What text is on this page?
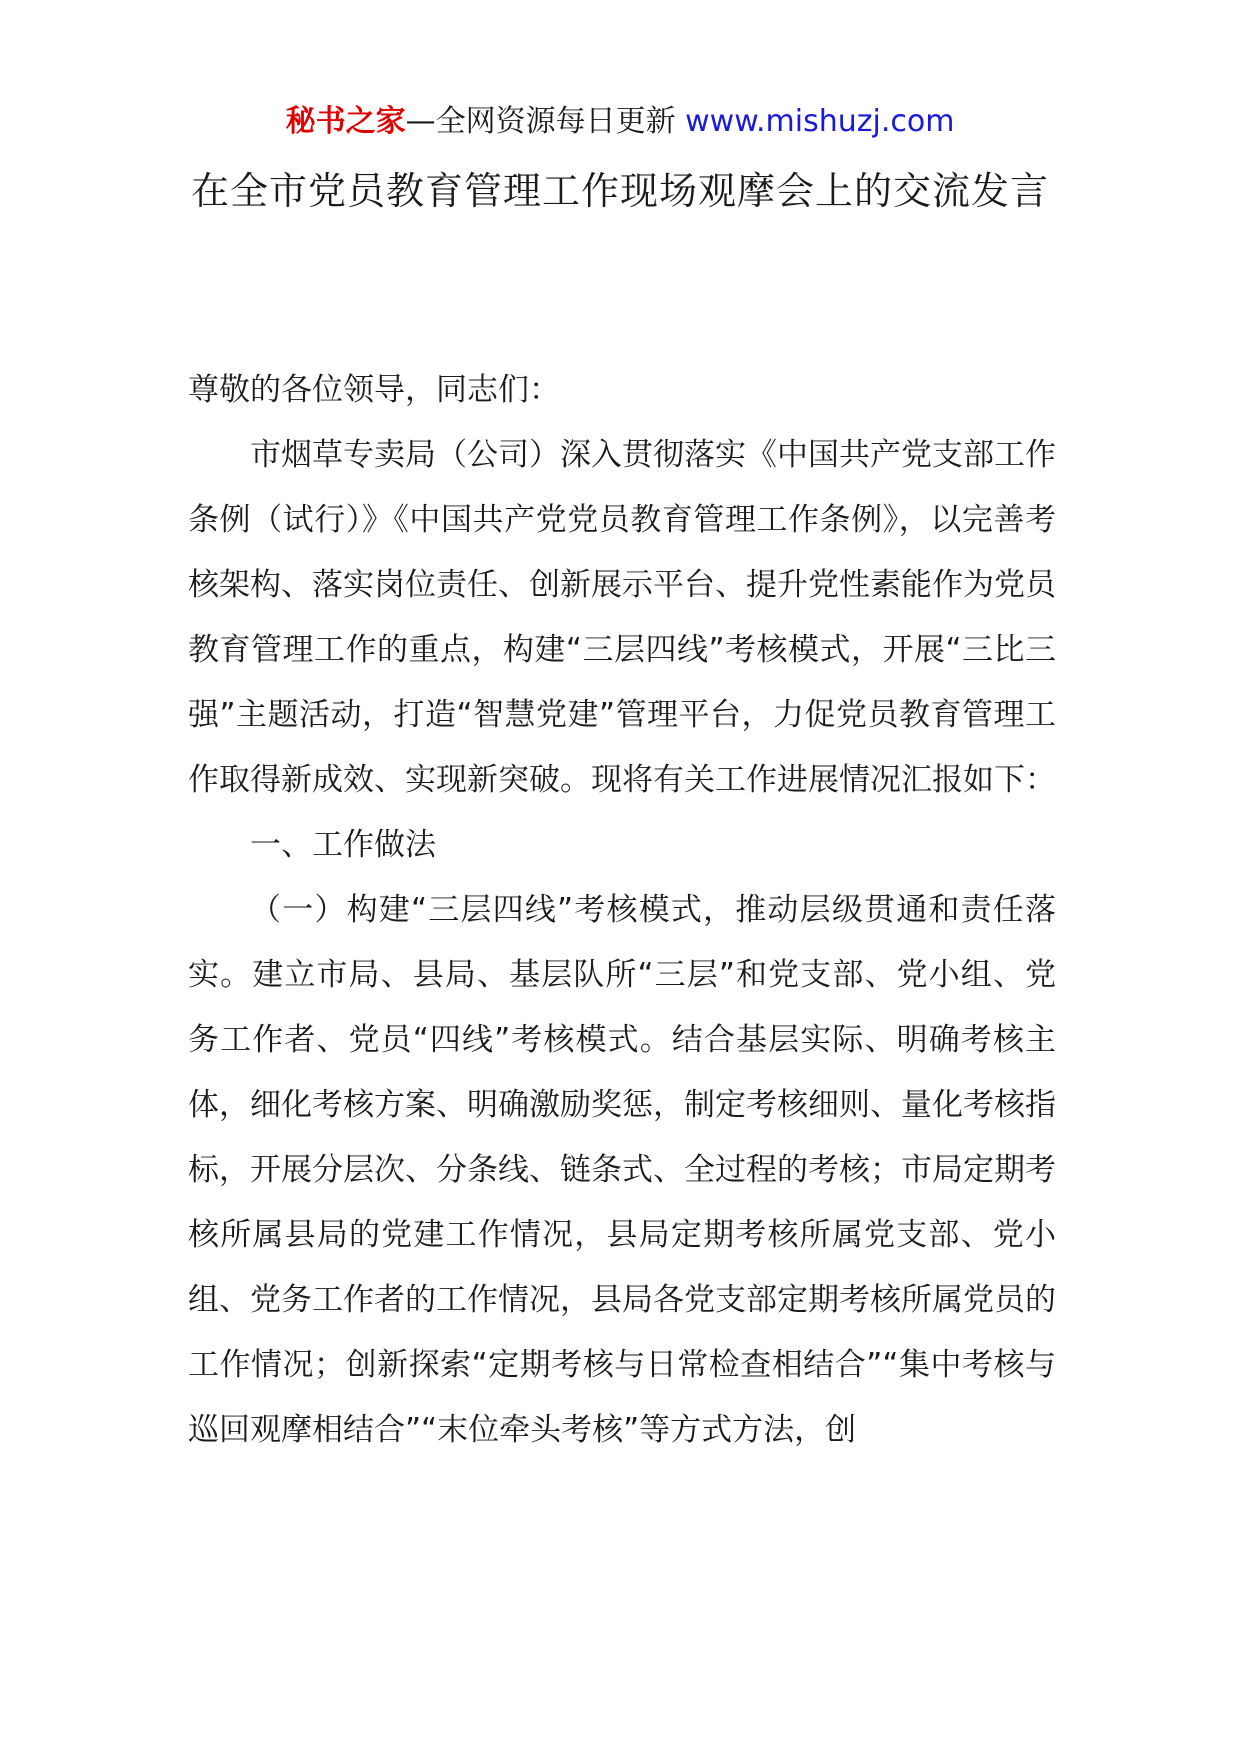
秘书之家—全网资源每日更新 www.mishuzj.com
在全市党员教育管理工作现场观摩会上的交流发言

尊敬的各位领导，同志们：

市烟草专卖局（公司）深入贯彻落实《中国共产党支部工作条例（试行）》《中国共产党党员教育管理工作条例》，以完善考核架构、落实岗位责任、创新展示平台、提升党性素能作为党员教育管理工作的重点，构建“三层四线”考核模式，开展“三比三强”主题活动，打造“智慧党建”管理平台，力促党员教育管理工作取得新成效、实现新突破。现将有关工作进展情况汇报如下：

一、工作做法

（一）构建“三层四线”考核模式，推动层级贯通和责任落实。建立市局、县局、基层队所“三层”和党支部、党小组、党务工作者、党员“四线”考核模式。结合基层实际、明确考核主体，细化考核方案、明确激励奖惩，制定考核细则、量化考核指标，开展分层次、分条线、链条式、全过程的考核；市局定期考核所属县局的党建工作情况，县局定期考核所属党支部、党小组、党务工作者的工作情况，县局各党支部定期考核所属党员的工作情况；创新探索“定期考核与日常检查相结合”“集中考核与巡回观摩相结合”“末位牵头考核”等方式方法，创
